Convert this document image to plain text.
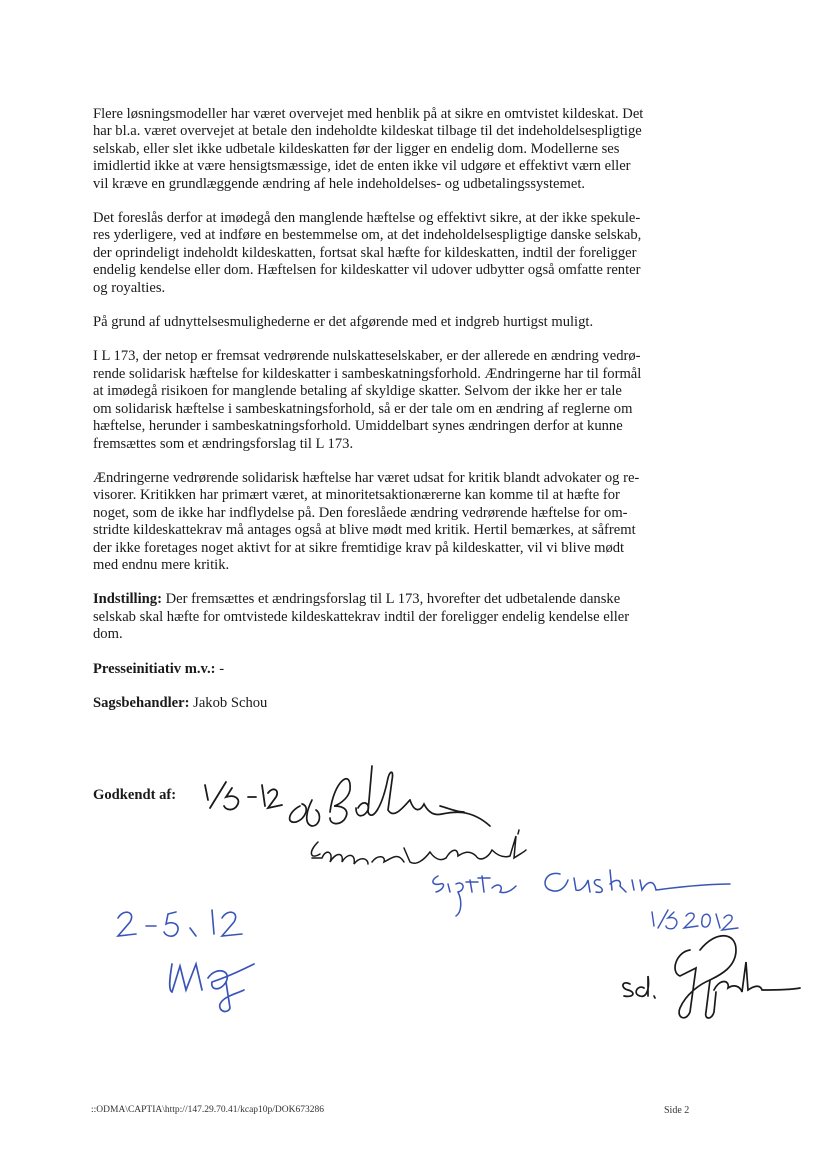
Flere løsningsmodeller har været overvejet med henblik på at sikre en omtvistet kildeskat. Det
har bl.a. været overvejet at betale den indeholdte kildeskat tilbage til det indeholdelsespligtige
selskab, eller slet ikke udbetale kildeskatten før der ligger en endelig dom. Modellerne ses
imidlertid ikke at være hensigtsmæssige, idet de enten ikke vil udgøre et effektivt værn eller
vil kræve en grundlæggende ændring af hele indeholdelses- og udbetalingssystemet.

Det foreslås derfor at imødegå den manglende hæftelse og effektivt sikre, at der ikke spekule-
res yderligere, ved at indføre en bestemmelse om, at det indeholdelsespligtige danske selskab,
der oprindeligt indeholdt kildeskatten, fortsat skal hæfte for kildeskatten, indtil der foreligger
endelig kendelse eller dom. Hæftelsen for kildeskatter vil udover udbytter også omfatte renter
og royalties.

På grund af udnyttelsesmulighederne er det afgørende med et indgreb hurtigst muligt.

I L 173, der netop er fremsat vedrørende nulskatteselskaber, er der allerede en ændring vedrø-
rende solidarisk hæftelse for kildeskatter i sambeskatningsforhold. Ændringerne har til formål
at imødegå risikoen for manglende betaling af skyldige skatter. Selvom der ikke her er tale
om solidarisk hæftelse i sambeskatningsforhold, så er der tale om en ændring af reglerne om
hæftelse, herunder i sambeskatningsforhold. Umiddelbart synes ændringen derfor at kunne
fremsættes som et ændringsforslag til L 173.

Ændringerne vedrørende solidarisk hæftelse har været udsat for kritik blandt advokater og re-
visorer. Kritikken har primært været, at minoritetsaktionærerne kan komme til at hæfte for
noget, som de ikke har indflydelse på. Den foreslåede ændring vedrørende hæftelse for om-
stridte kildeskattekrav må antages også at blive mødt med kritik. Hertil bemærkes, at såfremt
der ikke foretages noget aktivt for at sikre fremtidige krav på kildeskatter, vil vi blive mødt
med endnu mere kritik.

Indstilling: Der fremsættes et ændringsforslag til L 173, hvorefter det udbetalende danske
selskab skal hæfte for omtvistede kildeskattekrav indtil der foreligger endelig kendelse eller
dom.

Presseinitiativ m.v.: -

Sagsbehandler: Jakob Schou

Godkendt af:
::ODMA\CAPTIA\http://147.29.70.41/kcap10p/DOK673286	Side 2
